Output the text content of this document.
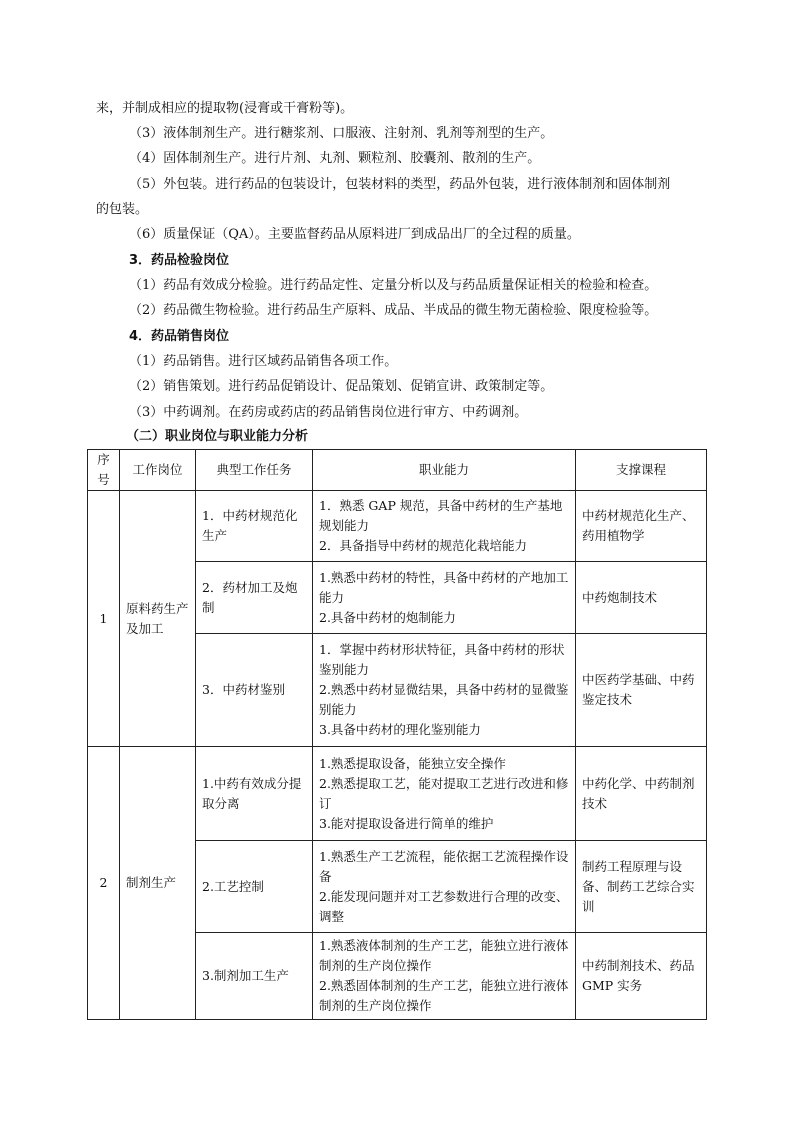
来，并制成相应的提取物(浸膏或干膏粉等)。
（3）液体制剂生产。进行糖浆剂、口服液、注射剂、乳剂等剂型的生产。
（4）固体制剂生产。进行片剂、丸剂、颗粒剂、胶囊剂、散剂的生产。
（5）外包装。进行药品的包装设计，包装材料的类型，药品外包装，进行液体制剂和固体制剂
的包装。
（6）质量保证（QA）。主要监督药品从原料进厂到成品出厂的全过程的质量。
3．药品检验岗位
（1）药品有效成分检验。进行药品定性、定量分析以及与药品质量保证相关的检验和检查。
（2）药品微生物检验。进行药品生产原料、成品、半成品的微生物无菌检验、限度检验等。
4．药品销售岗位
（1）药品销售。进行区域药品销售各项工作。
（2）销售策划。进行药品促销设计、促品策划、促销宣讲、政策制定等。
（3）中药调剂。在药房或药店的药品销售岗位进行审方、中药调剂。
（二）职业岗位与职业能力分析
序号	工作岗位	典型工作任务	职业能力	支撑课程
1	原料药生产及加工	1．中药材规范化生产	1．熟悉 GAP 规范，具备中药材的生产基地规划能力
2．具备指导中药材的规范化栽培能力	中药材规范化生产、药用植物学
		2．药材加工及炮制	1.熟悉中药材的特性，具备中药材的产地加工能力
2.具备中药材的炮制能力	中药炮制技术
		3．中药材鉴别	1．掌握中药材形状特征，具备中药材的形状鉴别能力
2.熟悉中药材显微结果，具备中药材的显微鉴别能力
3.具备中药材的理化鉴别能力	中医药学基础、中药鉴定技术
2	制剂生产	1.中药有效成分提取分离	1.熟悉提取设备，能独立安全操作
2.熟悉提取工艺，能对提取工艺进行改进和修订
3.能对提取设备进行简单的维护	中药化学、中药制剂技术
		2.工艺控制	1.熟悉生产工艺流程，能依据工艺流程操作设备
2.能发现问题并对工艺参数进行合理的改变、调整	制药工程原理与设备、制药工艺综合实训
		3.制剂加工生产	1.熟悉液体制剂的生产工艺，能独立进行液体制剂的生产岗位操作
2.熟悉固体制剂的生产工艺，能独立进行液体制剂的生产岗位操作	中药制剂技术、药品 GMP 实务
